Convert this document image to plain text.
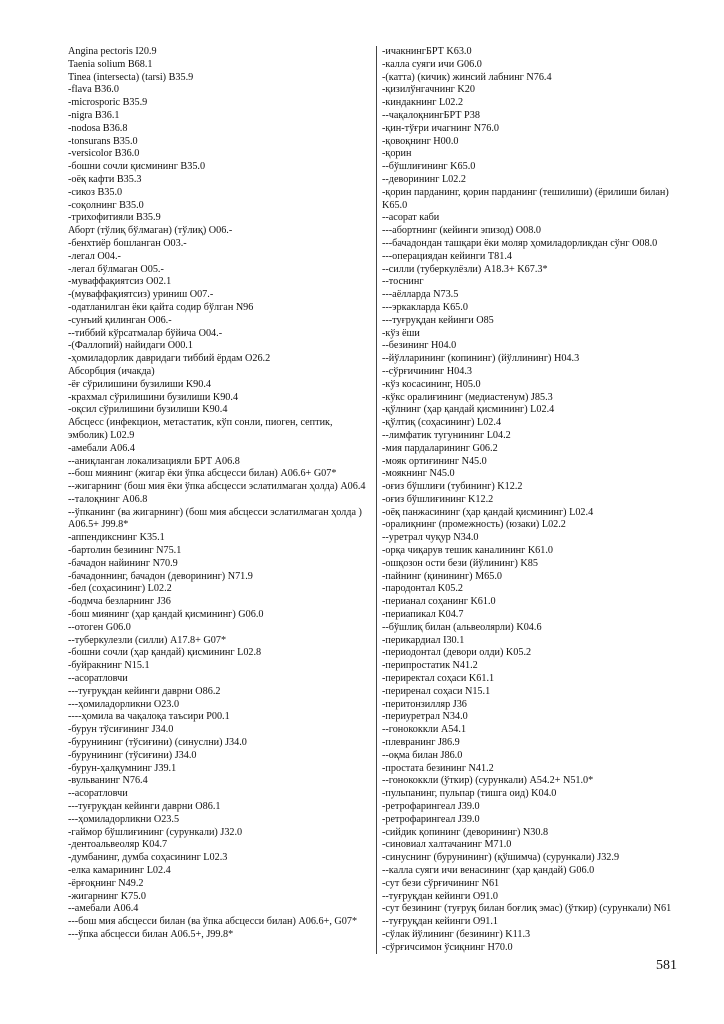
Angina pectoris I20.9
Taenia solium B68.1
Tinea (intersecta) (tarsi) B35.9
-flava B36.0
-microsporic B35.9
-nigra B36.1
-nodosa B36.8
-tonsurans B35.0
-versicolor B36.0
-бошни сочли қисмининг B35.0
-оёқ кафти B35.3
-сикоз B35.0
-соқолнинг B35.0
-трихофитияли B35.9
Аборт (тўлиқ бўлмаган) (тўлиқ) O06.-
-бенхтиёр бошланган O03.-
-легал O04.-
-легал бўлмаган O05.-
-муваффақиятсиз O02.1
-(муваффақиятсиз) уриниш O07.-
-одатланилган ёки қайта содир бўлган N96
-сунъий қилинган O06.-
--тиббий кўрсатмалар бўйича O04.-
-(Фаллопий) найидаги O00.1
-ҳомиладорлик давридаги тиббий ёрдам O26.2
Абсорбция (ичакда)
-ёғ сўрилишини бузилиши K90.4
-крахмал сўрилишини бузилиши K90.4
-оқсил сўрилишини бузилиши K90.4
Абсцесс (инфекцион, метастатик, кўп сонли, пиоген, септик, эмболик) L02.9
-амебали A06.4
--аниқланган локализацияли БРТ A06.8
--бош миянинг (жигар ёки ўпка абсцесси билан) A06.6+ G07*
--жигарнинг (бош мия ёки ўпка абсцесси эслатилмаган ҳолда) A06.4
--талоқнинг A06.8
--ўпканинг (ва жигарнинг) (бош мия абсцесси эслатилмаган ҳолда ) A06.5+ J99.8*
-аппендикснинг K35.1
-бартолин безининг N75.1
-бачадон найининг N70.9
-бачадоннинг, бачадон (деворининг) N71.9
-бел (соҳасининг) L02.2
-бодмча безларнинг J36
-бош миянинг (ҳар қандай қисмининг) G06.0
--отоген G06.0
--туберкулезли (силли) A17.8+ G07*
-бошни сочли (ҳар қандай) қисмининг L02.8
-буйракнинг N15.1
--асоратловчи
---туғруқдан кейинги даврни O86.2
---ҳомиладорликни O23.0
----ҳомила ва чақалоқа таъсири P00.1
-бурун тўсиғининг J34.0
-бурунининг (тўсиғини) (синуслни) J34.0
-бурунининг (тўсиғини) J34.0
-бурун-ҳалқумнинг J39.1
-вульванинг N76.4
--асоратловчи
---туғруқдан кейинги даврни O86.1
---ҳомиладорликни O23.5
-гаймор бўшлиғининг (сурункали) J32.0
-дентоальвеоляр K04.7
-думбанинг, думба соҳасининг L02.3
-елка камарининг L02.4
-ёрғоқнинг N49.2
-жигарнинг K75.0
--амебали A06.4
---бош мия абсцесси билан (ва ўпка абсцесси билан) A06.6+, G07*
---ўпка абсцесси билан A06.5+, J99.8*
-ичакнингБРТ K63.0
-калла суяги ичи G06.0
-(катта) (кичик) жинсий лабнинг N76.4
-қизилўнгачнинг K20
-киндакнинг L02.2
--чақалоқнингБРТ P38
-қин-тўғри ичагнинг N76.0
-қовоқнинг H00.0
-қорин
--бўшлиғининг K65.0
--деворининг L02.2
-қорин парданинг, қорин парданинг (тешилиши) (ёрилиши билан) K65.0
--асорат каби
---абортнинг (кейинги эпизод) O08.0
---бачадондан ташқари ёки моляр ҳомиладорликдан сўнг O08.0
---операциядан кейинги T81.4
--силли (туберкулёзли) A18.3+ K67.3*
--тоснинг
---аёлларда N73.5
---эркакларда K65.0
---туғруқдан кейинги O85
-кўз ёши
--безининг H04.0
--йўлларининг (копининг) (йўллининг) H04.3
--сўрғичининг H04.3
-кўз косасининг, H05.0
-кўкс оралиғининг (медиастенум) J85.3
-қўлнинг (ҳар қандай қисмининг) L02.4
-қўлтиқ (соҳасининг) L02.4
--лимфатик тугунининг L04.2
-мия пардаларининг G06.2
-мояк ортиғининг N45.0
-моякнинг N45.0
-оғиз бўшлиғи (тубининг) K12.2
-оғиз бўшлиғининг K12.2
-оёқ панжасининг (ҳар қандай қисмининг) L02.4
-оралиқнинг (промежность) (юзаки) L02.2
--уретрал чуқур N34.0
-орқа чиқарув тешик каналининг K61.0
-ошқозон ости бези (йўлининг) K85
-пайнинг (қинининг) M65.0
-пародонтал K05.2
-перианал соҳанинг K61.0
-периапикал K04.7
--бўшлиқ билан (альвеолярли) K04.6
-перикардиал I30.1
-периодонтал (девори олди) K05.2
-перипростатик N41.2
-периректал соҳаси K61.1
-периренал соҳаси N15.1
-перитонзилляр J36
-периуретрал N34.0
--гонококкли A54.1
-плевранинг J86.9
--оқма билан J86.0
-простата безининг N41.2
--гонококкли (ўткир) (сурункали) A54.2+ N51.0*
-пульпанинг, пульпар (тишга оид) K04.0
-ретрофарингеал J39.0
-ретрофарингеал J39.0
-сийдик қопининг (деворининг) N30.8
-синовиал халтачанинг M71.0
-синуснинг (бурунининг) (қўшимча) (сурункали) J32.9
--калла суяги ичи венасининг (ҳар қандай) G06.0
-сут бези сўрғичининг N61
--туғруқдан кейинги O91.0
-сут безининг (туғруқ билан боғлиқ эмас) (ўткир) (сурункали) N61
--туғруқдан кейинги O91.1
-сўлак йўлининг (безининг) K11.3
-сўрғичсимон ўсиқнинг H70.0
581
